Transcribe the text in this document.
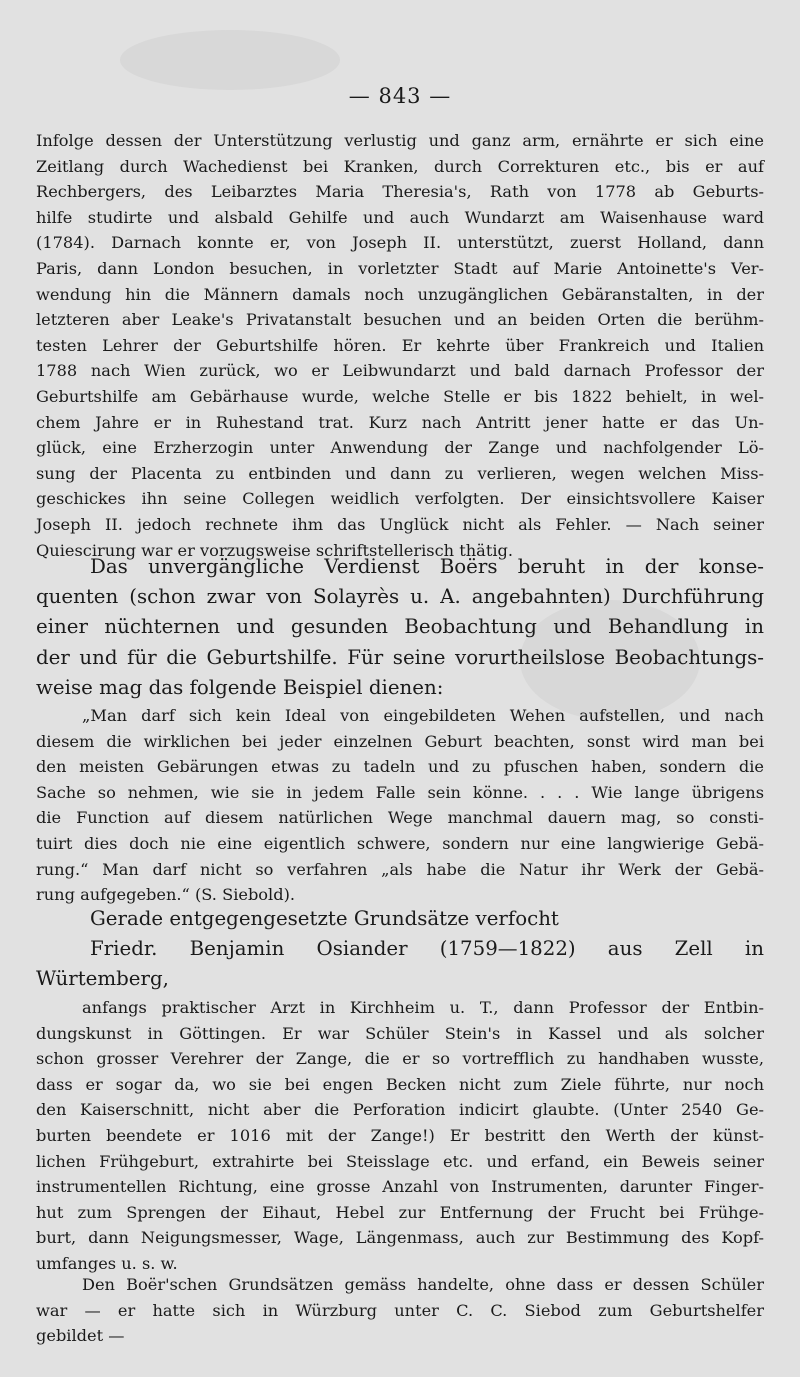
— 843 —
Infolge dessen der Unterstützung verlustig und ganz arm, ernährte er sich eine
Zeitlang durch Wachedienst bei Kranken, durch Correkturen etc., bis er auf
Rechbergers, des Leibarztes Maria Theresia's, Rath von 1778 ab Geburts-
hilfe studirte und alsbald Gehilfe und auch Wundarzt am Waisenhause ward
(1784). Darnach konnte er, von Joseph II. unterstützt, zuerst Holland, dann
Paris, dann London besuchen, in vorletzter Stadt auf Marie Antoinette's Ver-
wendung hin die Männern damals noch unzugänglichen Gebäranstalten, in der
letzteren aber Leake's Privatanstalt besuchen und an beiden Orten die berühm-
testen Lehrer der Geburtshilfe hören. Er kehrte über Frankreich und Italien
1788 nach Wien zurück, wo er Leibwundarzt und bald darnach Professor der
Geburtshilfe am Gebärhause wurde, welche Stelle er bis 1822 behielt, in wel-
chem Jahre er in Ruhestand trat. Kurz nach Antritt jener hatte er das Un-
glück, eine Erzherzogin unter Anwendung der Zange und nachfolgender Lö-
sung der Placenta zu entbinden und dann zu verlieren, wegen welchen Miss-
geschickes ihn seine Collegen weidlich verfolgten. Der einsichtsvollere Kaiser
Joseph II. jedoch rechnete ihm das Unglück nicht als Fehler. — Nach seiner
Quiescirung war er vorzugsweise schriftstellerisch thätig.
Das unvergängliche Verdienst Boërs beruht in der konse-
quenten (schon zwar von Solayrès u. A. angebahnten) Durchführung
einer nüchternen und gesunden Beobachtung und Behandlung in
der und für die Geburtshilfe. Für seine vorurtheilslose Beobachtungs-
weise mag das folgende Beispiel dienen:
„Man darf sich kein Ideal von eingebildeten Wehen aufstellen, und nach
diesem die wirklichen bei jeder einzelnen Geburt beachten, sonst wird man bei
den meisten Gebärungen etwas zu tadeln und zu pfuschen haben, sondern die
Sache so nehmen, wie sie in jedem Falle sein könne. . . . Wie lange übrigens
die Function auf diesem natürlichen Wege manchmal dauern mag, so consti-
tuirt dies doch nie eine eigentlich schwere, sondern nur eine langwierige Gebä-
rung.“ Man darf nicht so verfahren „als habe die Natur ihr Werk der Gebä-
rung aufgegeben.“ (S. Siebold).
Gerade entgegengesetzte Grundsätze verfocht
Friedr. Benjamin Osiander (1759—1822) aus Zell in
Würtemberg,
anfangs praktischer Arzt in Kirchheim u. T., dann Professor der Entbin-
dungskunst in Göttingen. Er war Schüler Stein's in Kassel und als solcher
schon grosser Verehrer der Zange, die er so vortrefflich zu handhaben wusste,
dass er sogar da, wo sie bei engen Becken nicht zum Ziele führte, nur noch
den Kaiserschnitt, nicht aber die Perforation indicirt glaubte. (Unter 2540 Ge-
burten beendete er 1016 mit der Zange!) Er bestritt den Werth der künst-
lichen Frühgeburt, extrahirte bei Steisslage etc. und erfand, ein Beweis seiner
instrumentellen Richtung, eine grosse Anzahl von Instrumenten, darunter Finger-
hut zum Sprengen der Eihaut, Hebel zur Entfernung der Frucht bei Frühge-
burt, dann Neigungsmesser, Wage, Längenmass, auch zur Bestimmung des Kopf-
umfanges u. s. w.
Den Boër'schen Grundsätzen gemäss handelte, ohne dass er dessen Schüler
war — er hatte sich in Würzburg unter C. C. Siebod zum Geburtshelfer
gebildet —
